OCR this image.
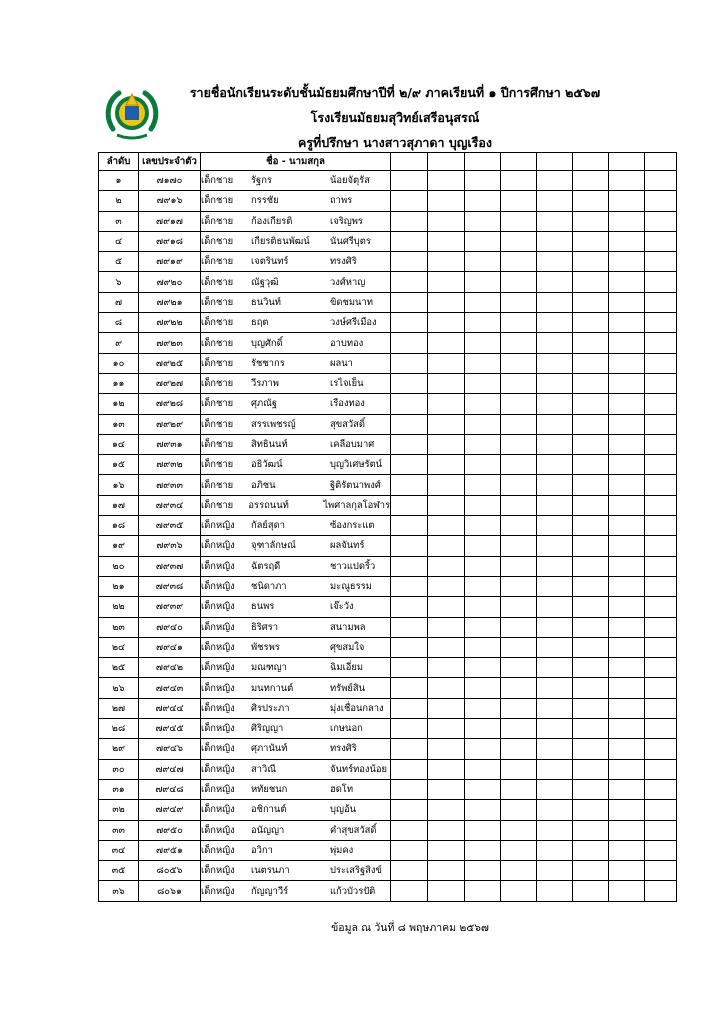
รายชื่อนักเรียนระดับชั้นมัธยมศึกษาปีที่ ๒/๙ ภาคเรียนที่ ๑ ปีการศึกษา ๒๕๖๗
โรงเรียนมัธยมสุวิทย์เสรีอนุสรณ์
ครูที่ปรึกษา นางสาวสุภาดา บุญเรือง
ลำดับ	เลขประจำตัว	ชื่อ - นามสกุล								
๑	๗๑๗๐	เด็กชาย รัฐกร น้อยจัตุรัส								

๒	๗๙๑๖	เด็กชาย กรรชัย ถาพร								

๓	๗๙๑๗	เด็กชาย ก้องเกียรติ เจริญพร								

๔	๗๙๑๘	เด็กชาย เกียรติธนพัฒน์ นันศรีบุตร								

๕	๗๙๑๙	เด็กชาย เจตรินทร์ ทรงศิริ								

๖	๗๙๒๐	เด็กชาย ณัฐวุฒิ วงศ์หาญ								

๗	๗๙๒๑	เด็กชาย ธนวินท์ ขิดชมนาท								

๘	๗๙๒๒	เด็กชาย ธฤต วงษ์ศรีเมือง								

๙	๗๙๒๓	เด็กชาย บุญศักดิ์ อาบทอง								

๑๐	๗๙๒๕	เด็กชาย รัชชากร ผลนา								

๑๑	๗๙๒๗	เด็กชาย วีรภาพ เรไจเย็น								

๑๒	๗๙๒๘	เด็กชาย ศุภณัฐ เรืองทอง								

๑๓	๗๙๒๙	เด็กชาย สรรเพชรญ์ สุขสวัสดิ์								

๑๔	๗๙๓๑	เด็กชาย สิทธินนท์ เคลือบมาศ								

๑๕	๗๙๓๒	เด็กชาย อธิวัฒน์ บุญวิเศษรัตน์								

๑๖	๗๙๓๓	เด็กชาย อภิชน ฐิติรัตนาพงศ์								

๑๗	๗๙๓๔	เด็กชาย อรรถนนท์ ไพศาลกุลโอฬาร								

๑๘	๗๙๓๕	เด็กหญิง กัลย์สุดา ซ้องกระแต								

๑๙	๗๙๓๖	เด็กหญิง จุฑาลักษณ์ ผลจันทร์								

๒๐	๗๙๓๗	เด็กหญิง ฉัตรฤดี ชาวแปดริ้ว								

๒๑	๗๙๓๘	เด็กหญิง ชนิดาภา มะณูธรรม								

๒๒	๗๙๓๙	เด็กหญิง ธนพร เจ๊ะวัง								

๒๓	๗๙๔๐	เด็กหญิง ธิริศรา สนามพล								

๒๔	๗๙๔๑	เด็กหญิง พัชรพร ศุขสมใจ								

๒๕	๗๙๔๒	เด็กหญิง มณฑญา ฉิมเอี่ยม								

๒๖	๗๙๔๓	เด็กหญิง มนทกานต์ ทรัพย์สิน								

๒๗	๗๙๔๔	เด็กหญิง ศิรประภา มุ่งเชื่อนกลาง								

๒๘	๗๙๔๕	เด็กหญิง ศิริญญา เกษนอก								

๒๙	๗๙๔๖	เด็กหญิง ศุภานันท์ ทรงศิริ								

๓๐	๗๙๔๗	เด็กหญิง สาวิณี จันทร์ทองน้อย								

๓๑	๗๙๔๘	เด็กหญิง หทัยชนก ฮดโท								

๓๒	๗๙๔๙	เด็กหญิง อชิกานต์ บุญอ้น								

๓๓	๗๙๕๐	เด็กหญิง อนัญญา คำสุขสวัสดิ์								

๓๔	๗๙๕๑	เด็กหญิง อวิกา พุ่มคง								

๓๕	๘๐๕๖	เด็กหญิง เนตรนภา ประเสริฐสิงข์								

๓๖	๘๐๖๑	เด็กหญิง กัญญาวีร์ แก้วบัวรปัติ								

ข้อมูล ณ วันที่ ๘ พฤษภาคม ๒๕๖๗
